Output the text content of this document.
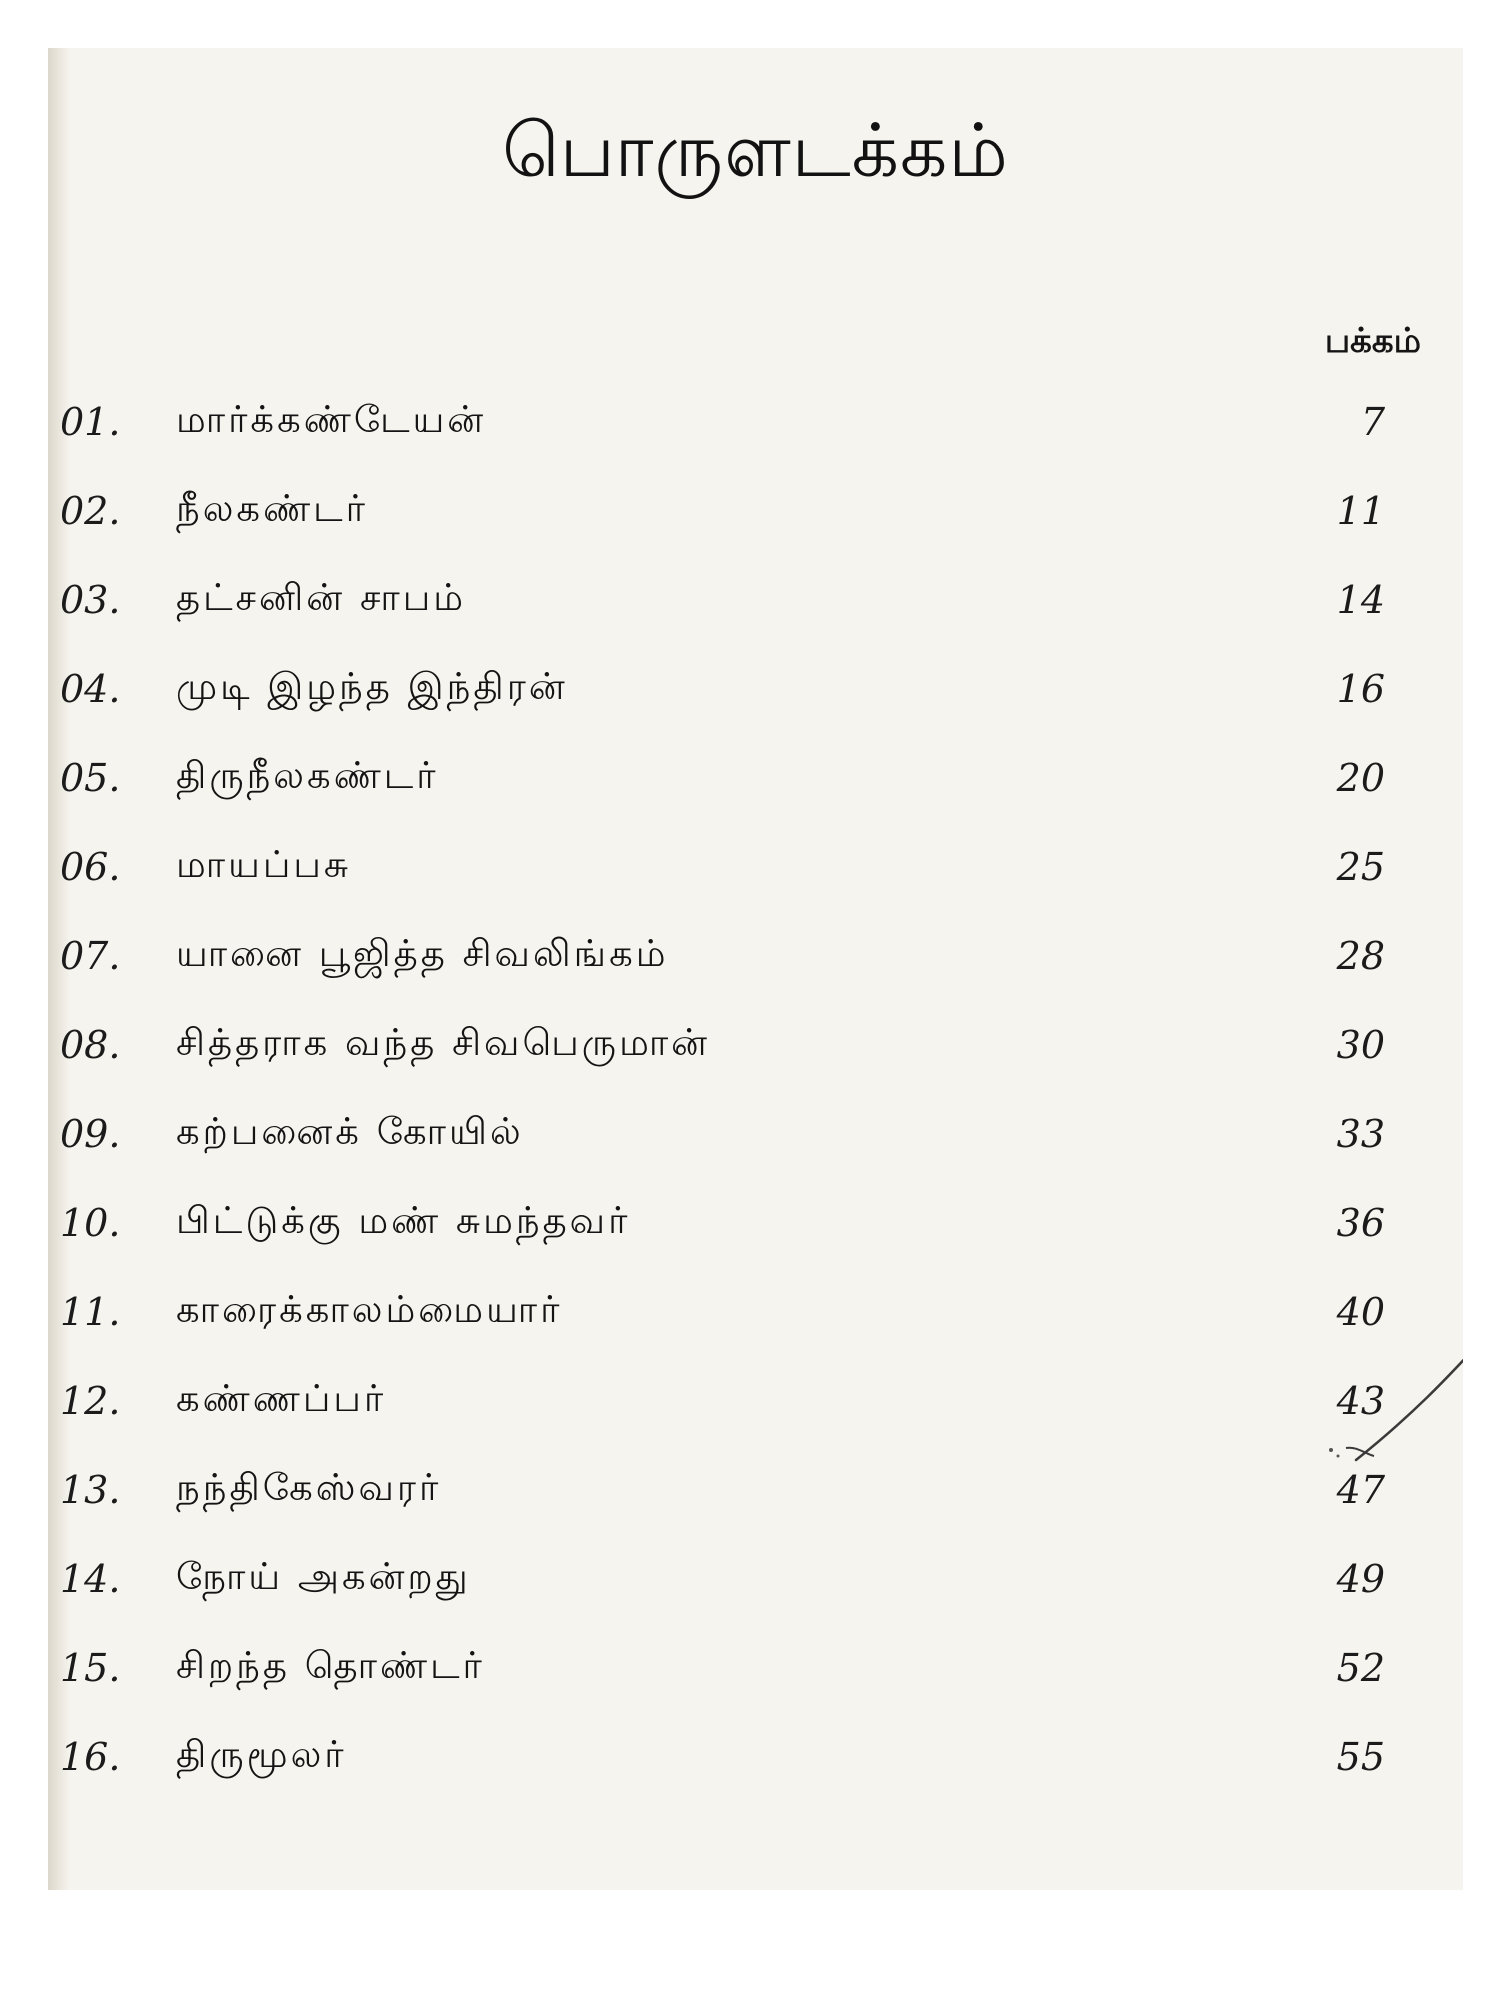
பொருளடக்கம்
பக்கம்
01. மார்க்கண்டேயன்	7
02. நீலகண்டர்	11
03. தட்சனின் சாபம்	14
04. முடி இழந்த இந்திரன்	16
05. திருநீலகண்டர்	20
06. மாயப்பசு	25
07. யானை பூஜித்த சிவலிங்கம்	28
08. சித்தராக வந்த சிவபெருமான்	30
09. கற்பனைக் கோயில்	33
10. பிட்டுக்கு மண் சுமந்தவர்	36
11. காரைக்காலம்மையார்	40
12. கண்ணப்பர்	43
13. நந்திகேஸ்வரர்	47
14. நோய் அகன்றது	49
15. சிறந்த தொண்டர்	52
16. திருமூலர்	55
